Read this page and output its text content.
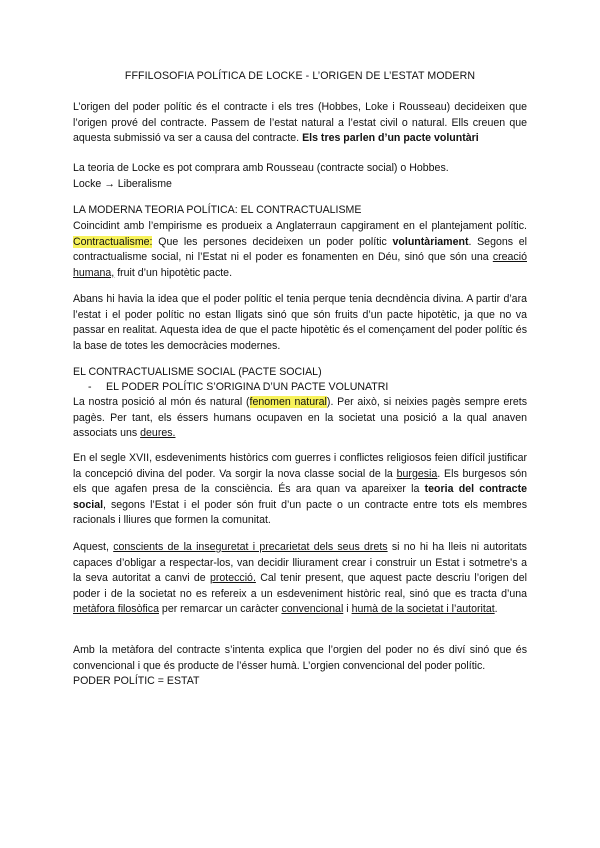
FFFILOSOFIA POLÍTICA DE LOCKE - L’ORIGEN DE L’ESTAT MODERN

L’origen del poder polític és el contracte i els tres (Hobbes, Loke i Rousseau) decideixen que l’origen prové del contracte. Passem de l’estat natural a l’estat civil o natural. Ells creuen que aquesta submissió va ser a causa del contracte. Els tres parlen d’un pacte voluntàri

La teoria de Locke es pot comprara amb Rousseau (contracte social) o Hobbes.
Locke → Liberalisme

LA MODERNA TEORIA POLÍTICA: EL CONTRACTUALISME

Coincidint amb l’empirisme es produeix a Anglaterraun capgirament en el plantejament polític. Contractualisme: Que les persones decideixen un poder polític voluntàriament. Segons el contractualisme social, ni l’Estat ni el poder es fonamenten en Déu, sinó que són una creació humana, fruit d’un hipotètic pacte.

Abans hi havia la idea que el poder polític el tenia perque tenia decndència divina. A partir d’ara l’estat i el poder polític no estan lligats sinó que són fruits d’un pacte hipotètic, ja que no va passar en realitat. Aquesta idea de que el pacte hipotètic és el començament del poder polític és la base de totes les democràcies modernes.

EL CONTRACTUALISME SOCIAL (PACTE SOCIAL)

- EL PODER POLÍTIC S’ORIGINA D’UN PACTE VOLUNATRI

La nostra posició al món és natural (fenomen natural). Per això, si neixies pagès sempre erets pagès. Per tant, els éssers humans ocupaven en la societat una posició a la qual anaven associats uns deures.

En el segle XVII, esdeveniments històrics com guerres i conflictes religiosos feien difícil justificar la concepció divina del poder. Va sorgir la nova classe social de la burgesia. Els burgesos són els que agafen presa de la consciència. És ara quan va apareixer la teoria del contracte social, segons l’Estat i el poder són fruit d’un pacte o un contracte entre tots els membres racionals i lliures que formen la comunitat.

Aquest, conscients de la inseguretat i precarietat dels seus drets si no hi ha lleis ni autoritats capaces d’obligar a respectar-los, van decidir lliurament crear i construir un Estat i sotmetre's a la seva autoritat a canvi de protecció. Cal tenir present, que aquest pacte descriu l’origen del poder i de la societat no es refereix a un esdeveniment històric real, sinó que es tracta d’una metàfora filosòfica per remarcar un caràcter convencional i humà de la societat i l’autoritat.

Amb la metàfora del contracte s’intenta explica que l’orgien del poder no és diví sinó que és convencional i que és producte de l’ésser humà. L’orgien convencional del poder polític.
PODER POLÍTIC = ESTAT
